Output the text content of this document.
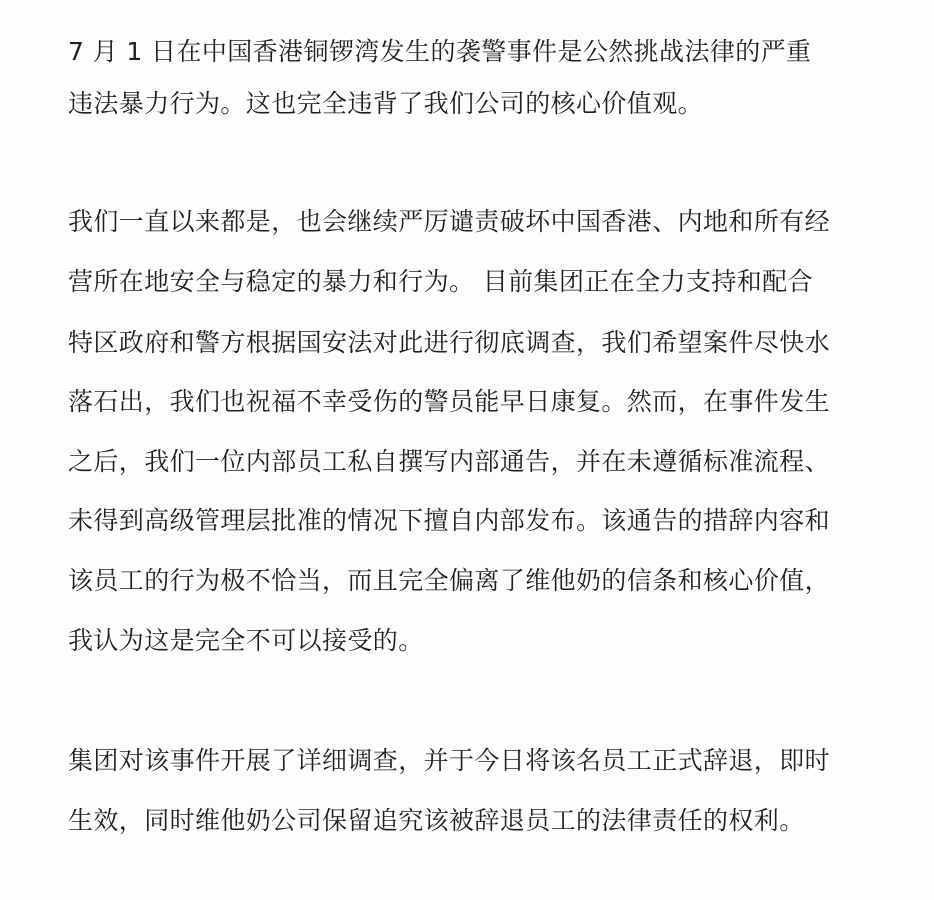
7 月 1 日在中国香港铜锣湾发生的袭警事件是公然挑战法律的严重
违法暴力行为。这也完全违背了我们公司的核心价值观。
我们一直以来都是，也会继续严厉谴责破坏中国香港、内地和所有经
营所在地安全与稳定的暴力和行为。 目前集团正在全力支持和配合
特区政府和警方根据国安法对此进行彻底调查，我们希望案件尽快水
落石出，我们也祝福不幸受伤的警员能早日康复。然而，在事件发生
之后，我们一位内部员工私自撰写内部通告，并在未遵循标准流程、
未得到高级管理层批准的情况下擅自内部发布。该通告的措辞内容和
该员工的行为极不恰当，而且完全偏离了维他奶的信条和核心价值，
我认为这是完全不可以接受的。
集团对该事件开展了详细调查，并于今日将该名员工正式辞退，即时
生效，同时维他奶公司保留追究该被辞退员工的法律责任的权利。
